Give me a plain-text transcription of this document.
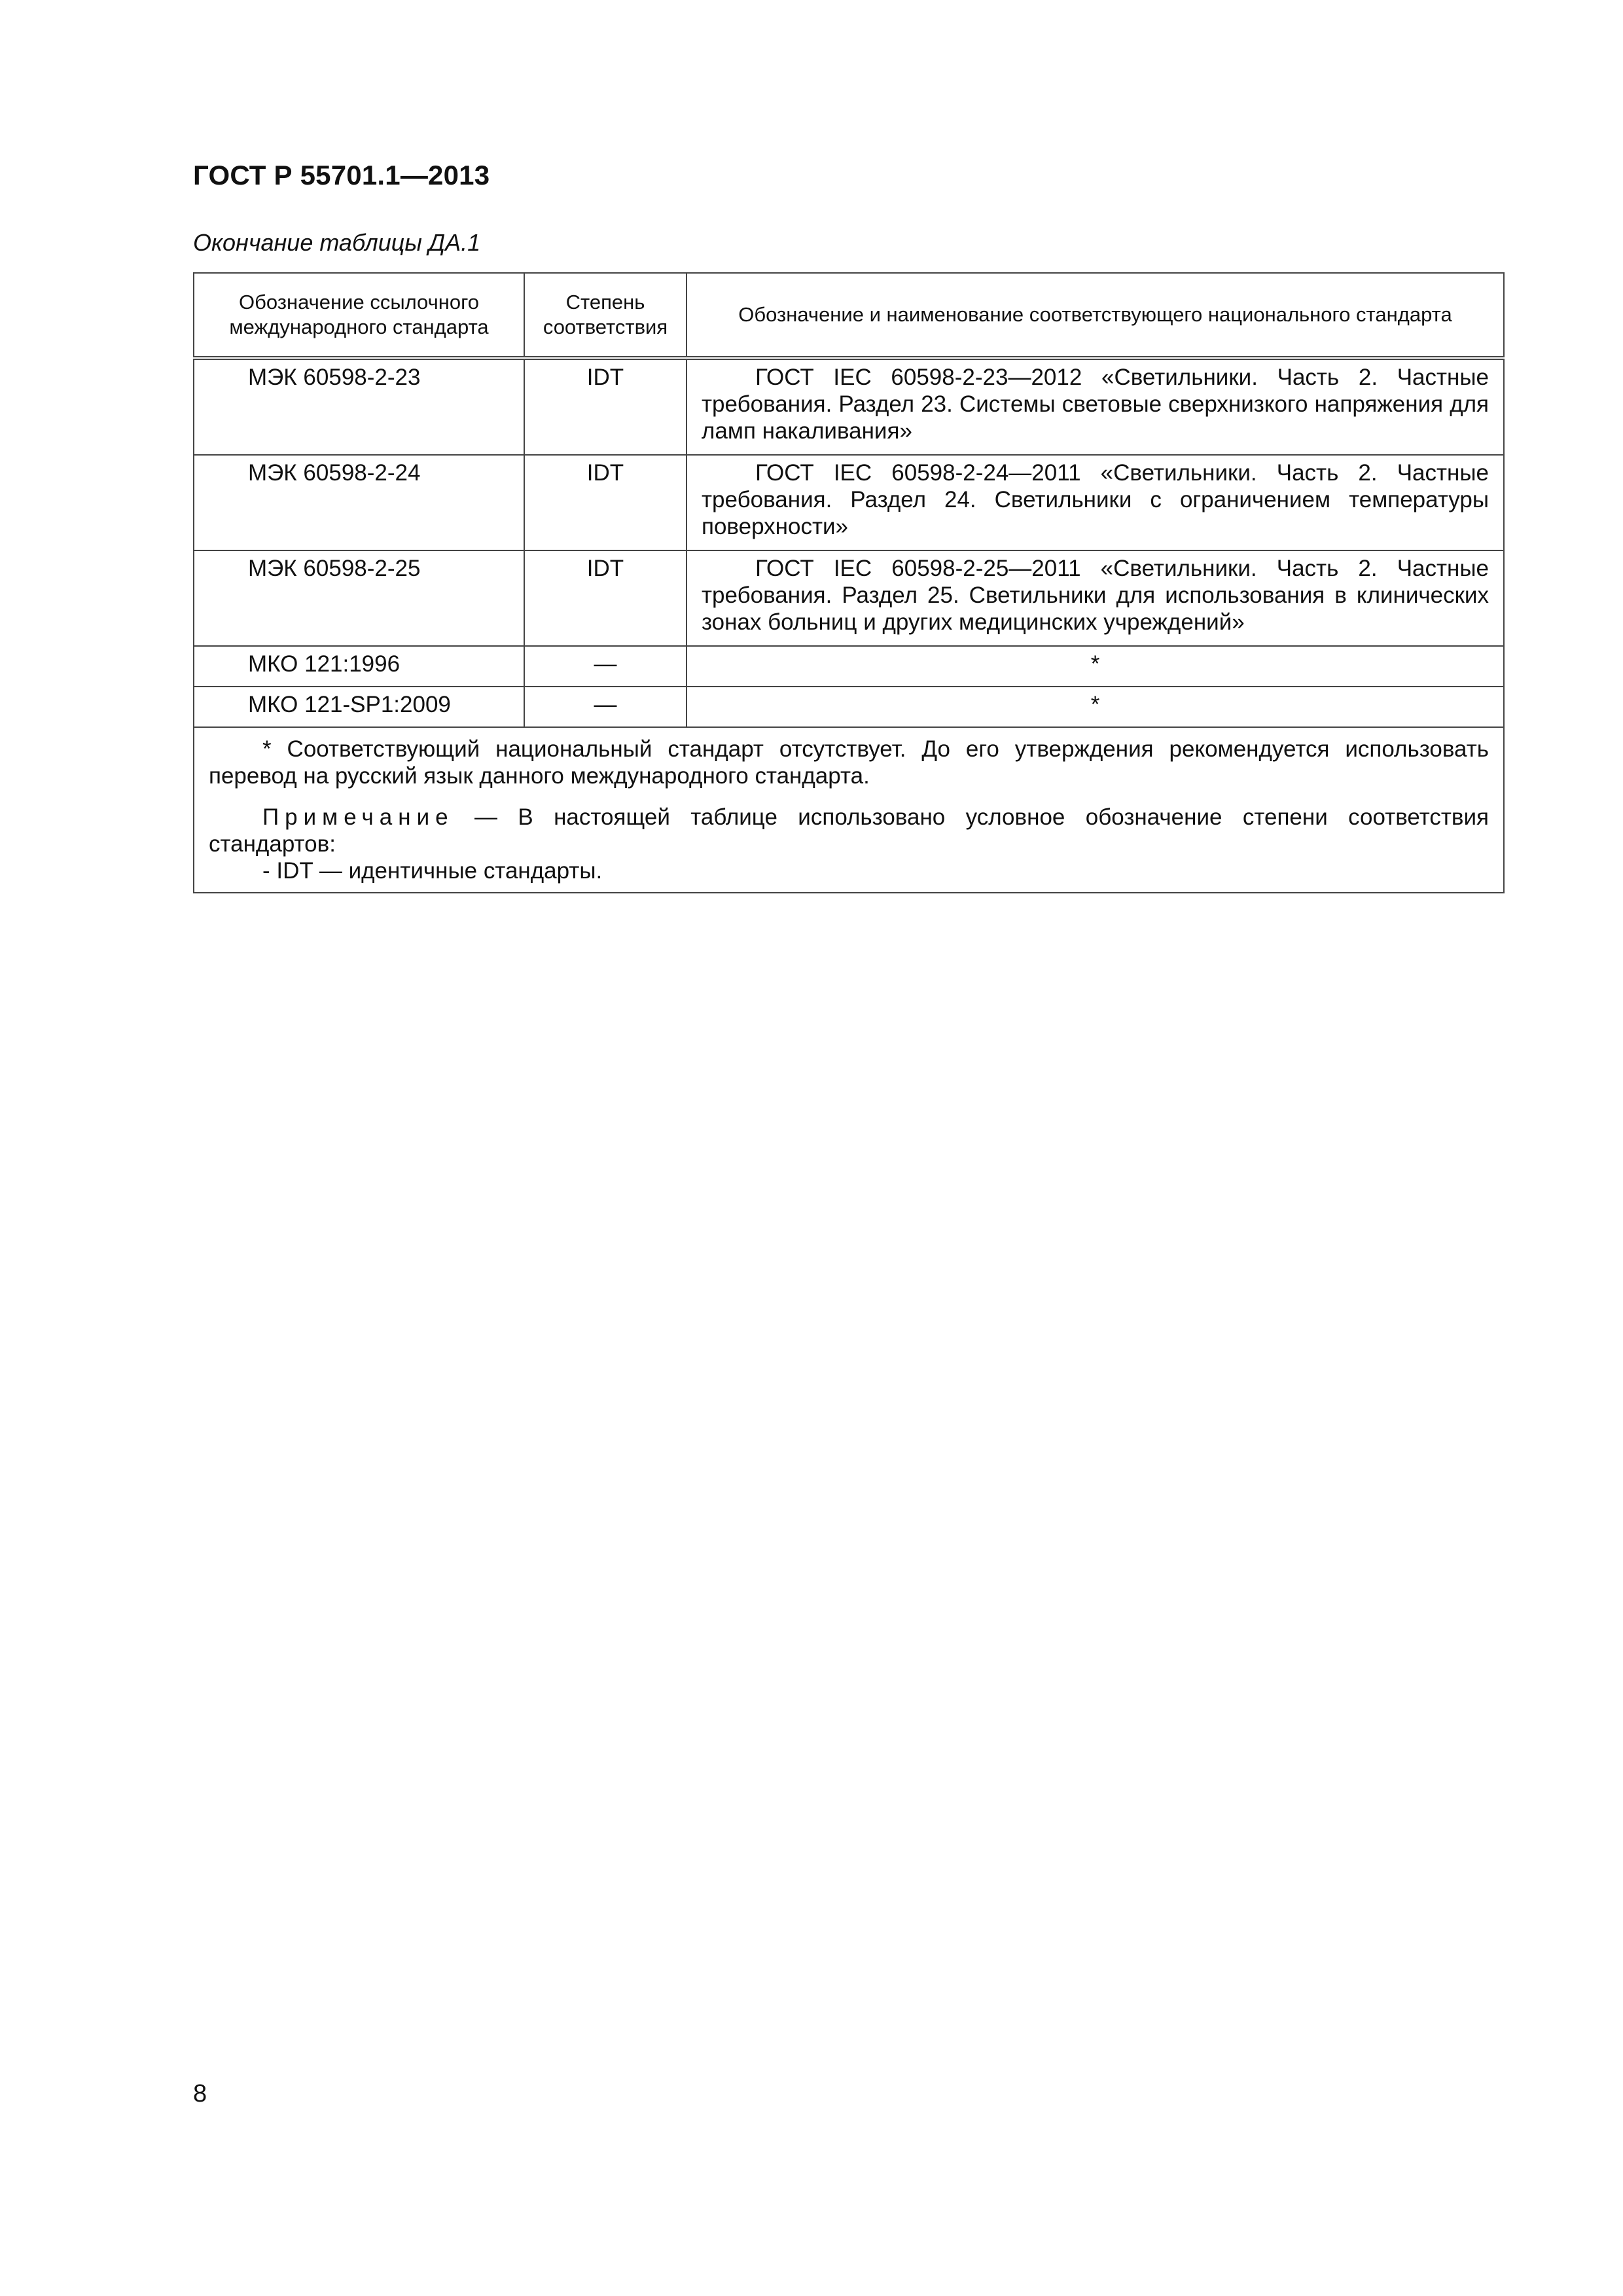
ГОСТ Р 55701.1—2013
Окончание таблицы ДА.1
Обозначение ссылочного международного стандарта	Степень соответствия	Обозначение и наименование соответствующего национального стандарта
МЭК 60598-2-23	IDT	ГОСТ IEC 60598-2-23—2012 «Светильники. Часть 2. Частные требования. Раздел 23. Системы световые сверхнизкого напряжения для ламп накаливания»
МЭК 60598-2-24	IDT	ГОСТ IEC 60598-2-24—2011 «Светильники. Часть 2. Частные требования. Раздел 24. Светильники с ограничением температуры поверхности»
МЭК 60598-2-25	IDT	ГОСТ IEC 60598-2-25—2011 «Светильники. Часть 2. Частные требования. Раздел 25. Светильники для использования в клинических зонах больниц и других медицинских учреждений»
МКО 121:1996	—	*
МКО 121-SP1:2009	—	*

* Соответствующий национальный стандарт отсутствует. До его утверждения рекомендуется использовать перевод на русский язык данного международного стандарта.

Примечание — В настоящей таблице использовано условное обозначение степени соответствия стандартов:

- IDT — идентичные стандарты.		

8
